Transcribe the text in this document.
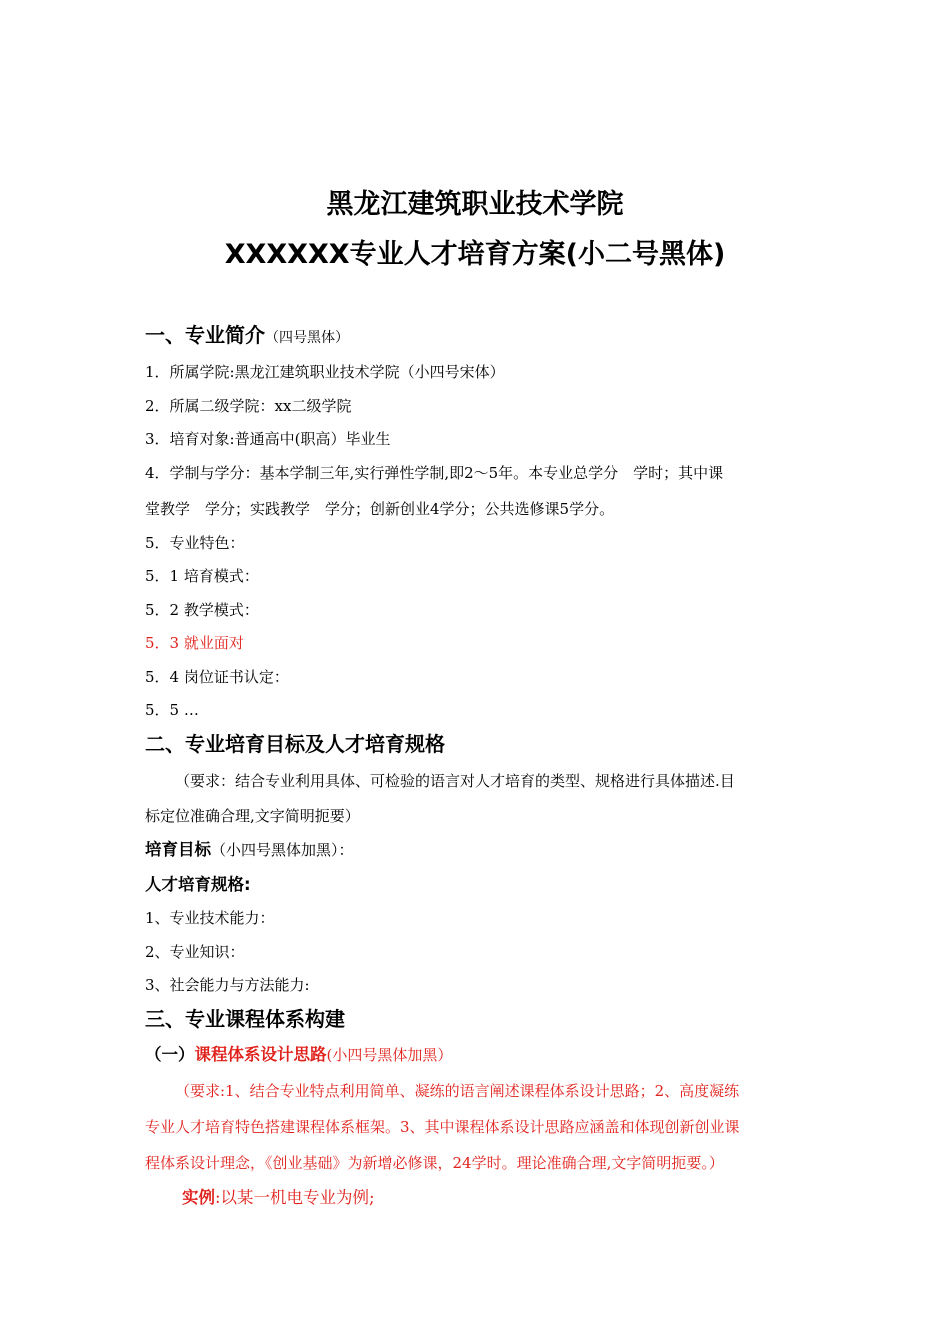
黑龙江建筑职业技术学院
XXXXXX专业人才培育方案(小二号黑体)
一、专业简介（四号黑体）
1．所属学院:黑龙江建筑职业技术学院（小四号宋体）
2．所属二级学院：xx二级学院
3．培育对象:普通高中(职高）毕业生
4．学制与学分：基本学制三年,实行弹性学制,即2～5年。本专业总学分　学时；其中课
堂教学　学分；实践教学　学分；创新创业4学分；公共选修课5学分。
5．专业特色：
5．1 培育模式：
5．2 教学模式：
5．3 就业面对
5．4 岗位证书认定：
5．5 …
二、专业培育目标及人才培育规格
（要求：结合专业利用具体、可检验的语言对人才培育的类型、规格进行具体描述.目
标定位准确合理,文字简明扼要）
培育目标（小四号黑体加黑）：
人才培育规格:
1、专业技术能力：
2、专业知识：
3、社会能力与方法能力:
三、专业课程体系构建
（一）课程体系设计思路(小四号黑体加黑）
（要求:1、结合专业特点利用简单、凝练的语言阐述课程体系设计思路；2、高度凝练
专业人才培育特色搭建课程体系框架。3、其中课程体系设计思路应涵盖和体现创新创业课
程体系设计理念，《创业基础》为新增必修课，24学时。理论准确合理,文字简明扼要。）
实例:以某一机电专业为例;
